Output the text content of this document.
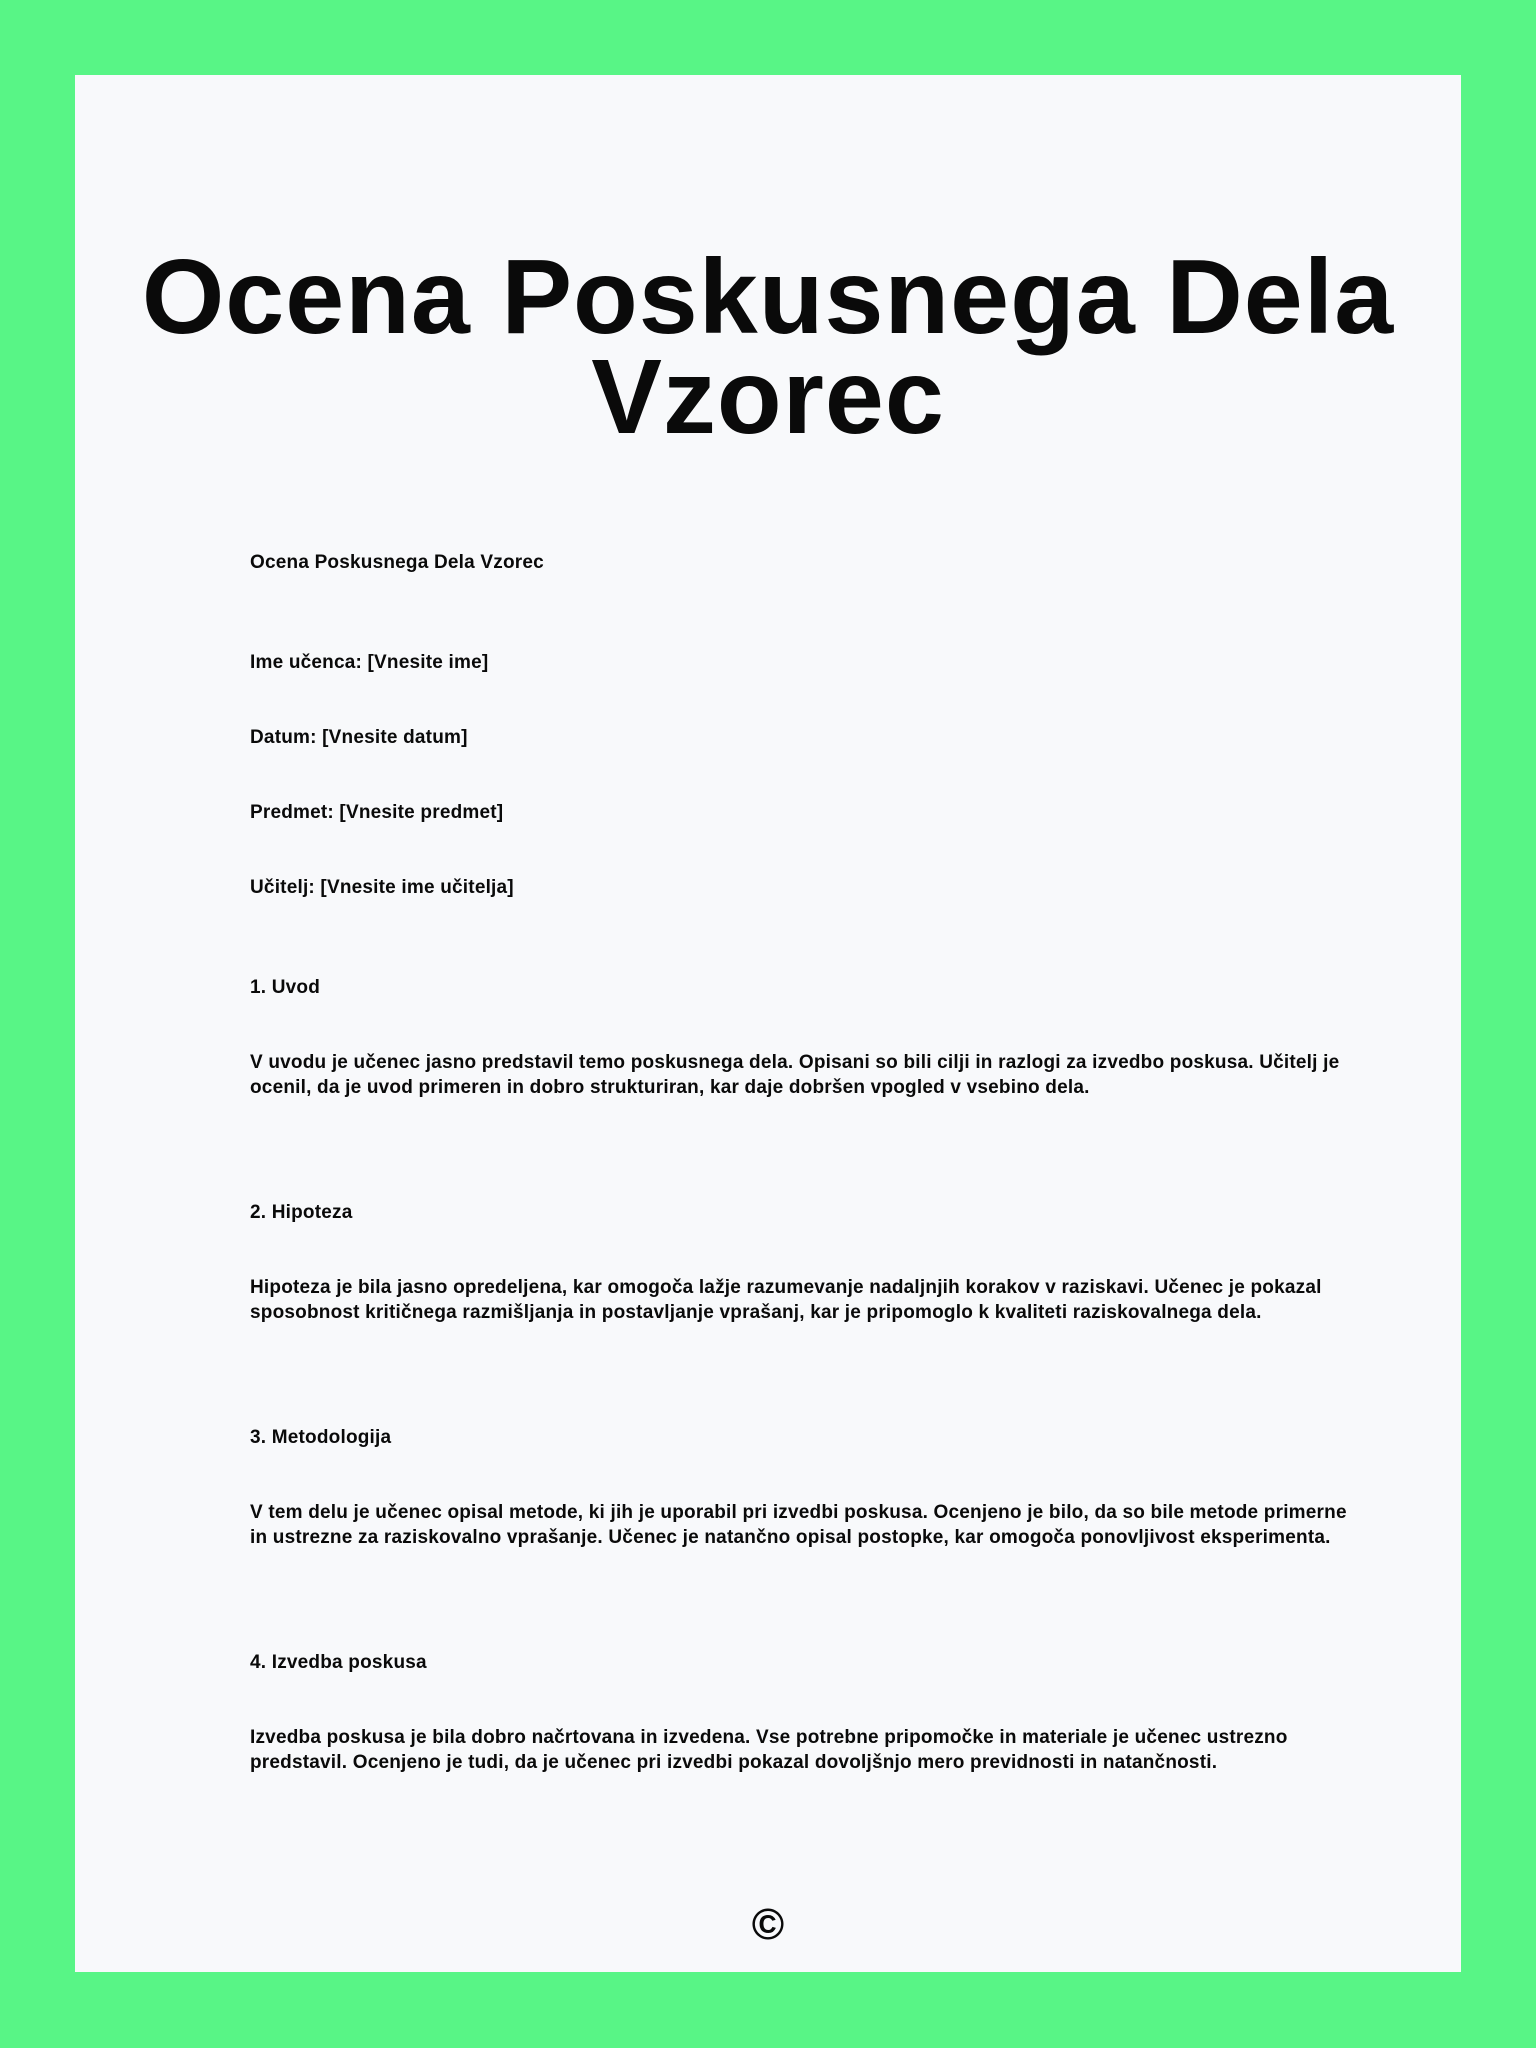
Ocena Poskusnega Dela Vzorec

Ocena Poskusnega Dela Vzorec

Ime učenca: [Vnesite ime]

Datum: [Vnesite datum]

Predmet: [Vnesite predmet]

Učitelj: [Vnesite ime učitelja]

1. Uvod

V uvodu je učenec jasno predstavil temo poskusnega dela. Opisani so bili cilji in razlogi za izvedbo poskusa. Učitelj je ocenil, da je uvod primeren in dobro strukturiran, kar daje dobršen vpogled v vsebino dela.

2. Hipoteza

Hipoteza je bila jasno opredeljena, kar omogoča lažje razumevanje nadaljnjih korakov v raziskavi. Učenec je pokazal sposobnost kritičnega razmišljanja in postavljanje vprašanj, kar je pripomoglo k kvaliteti raziskovalnega dela.

3. Metodologija

V tem delu je učenec opisal metode, ki jih je uporabil pri izvedbi poskusa. Ocenjeno je bilo, da so bile metode primerne in ustrezne za raziskovalno vprašanje. Učenec je natančno opisal postopke, kar omogoča ponovljivost eksperimenta.

4. Izvedba poskusa

Izvedba poskusa je bila dobro načrtovana in izvedena. Vse potrebne pripomočke in materiale je učenec ustrezno predstavil. Ocenjeno je tudi, da je učenec pri izvedbi pokazal dovoljšnjo mero previdnosti in natančnosti.

©
